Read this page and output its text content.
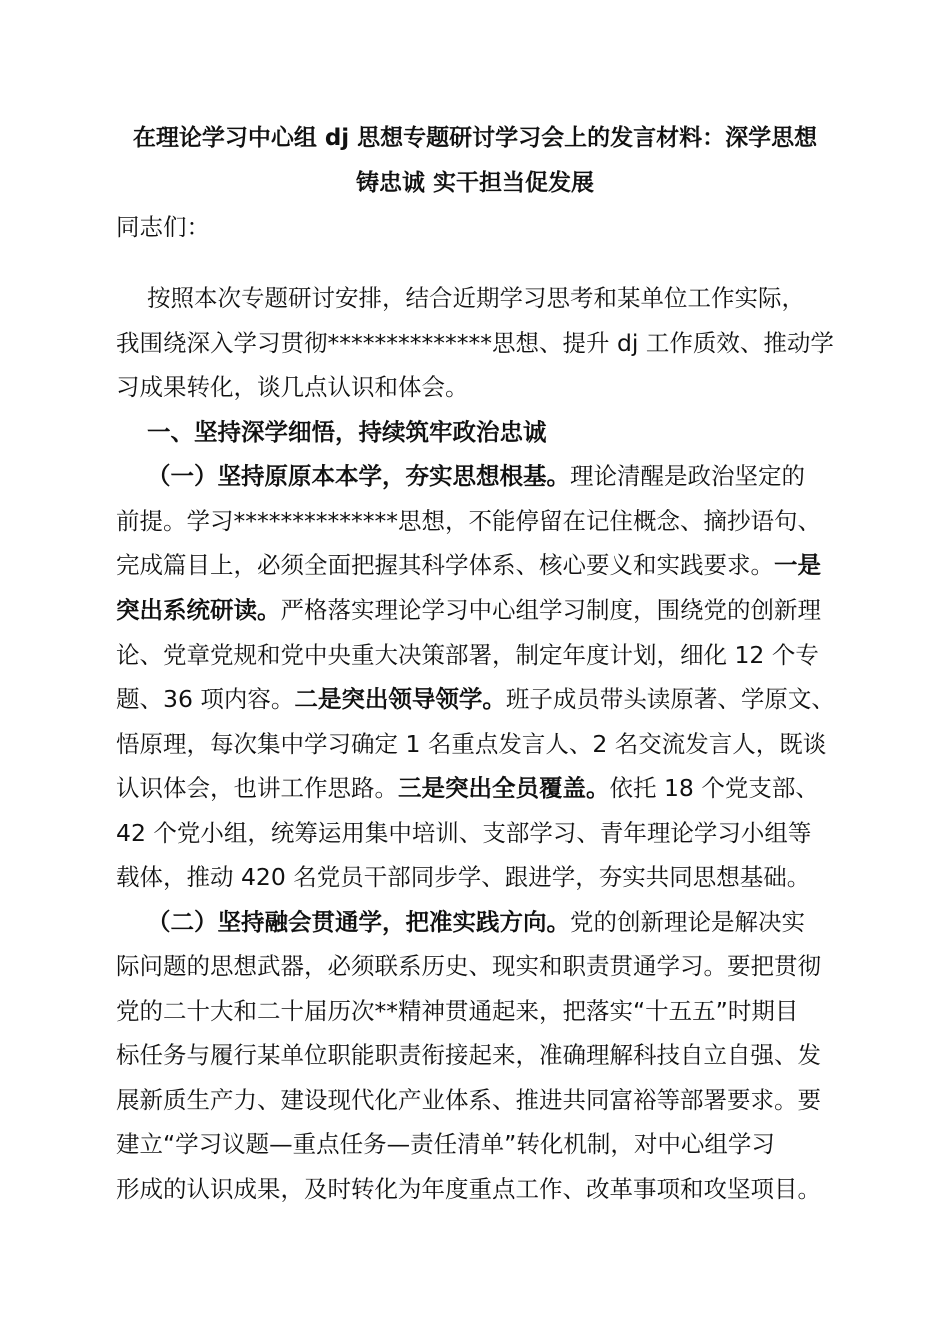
在理论学习中心组 dj 思想专题研讨学习会上的发言材料：深学思想
铸忠诚 实干担当促发展
同志们：
按照本次专题研讨安排，结合近期学习思考和某单位工作实际，
我围绕深入学习贯彻**************思想、提升 dj 工作质效、推动学
习成果转化，谈几点认识和体会。
一、坚持深学细悟，持续筑牢政治忠诚
（一）坚持原原本本学，夯实思想根基。理论清醒是政治坚定的
前提。学习**************思想，不能停留在记住概念、摘抄语句、
完成篇目上，必须全面把握其科学体系、核心要义和实践要求。一是
突出系统研读。严格落实理论学习中心组学习制度，围绕党的创新理
论、党章党规和党中央重大决策部署，制定年度计划，细化 12 个专
题、36 项内容。二是突出领导领学。班子成员带头读原著、学原文、
悟原理，每次集中学习确定 1 名重点发言人、2 名交流发言人，既谈
认识体会，也讲工作思路。三是突出全员覆盖。依托 18 个党支部、
42 个党小组，统筹运用集中培训、支部学习、青年理论学习小组等
载体，推动 420 名党员干部同步学、跟进学，夯实共同思想基础。
（二）坚持融会贯通学，把准实践方向。党的创新理论是解决实
际问题的思想武器，必须联系历史、现实和职责贯通学习。要把贯彻
党的二十大和二十届历次**精神贯通起来，把落实“十五五”时期目
标任务与履行某单位职能职责衔接起来，准确理解科技自立自强、发
展新质生产力、建设现代化产业体系、推进共同富裕等部署要求。要
建立“学习议题—重点任务—责任清单”转化机制，对中心组学习
形成的认识成果，及时转化为年度重点工作、改革事项和攻坚项目。
